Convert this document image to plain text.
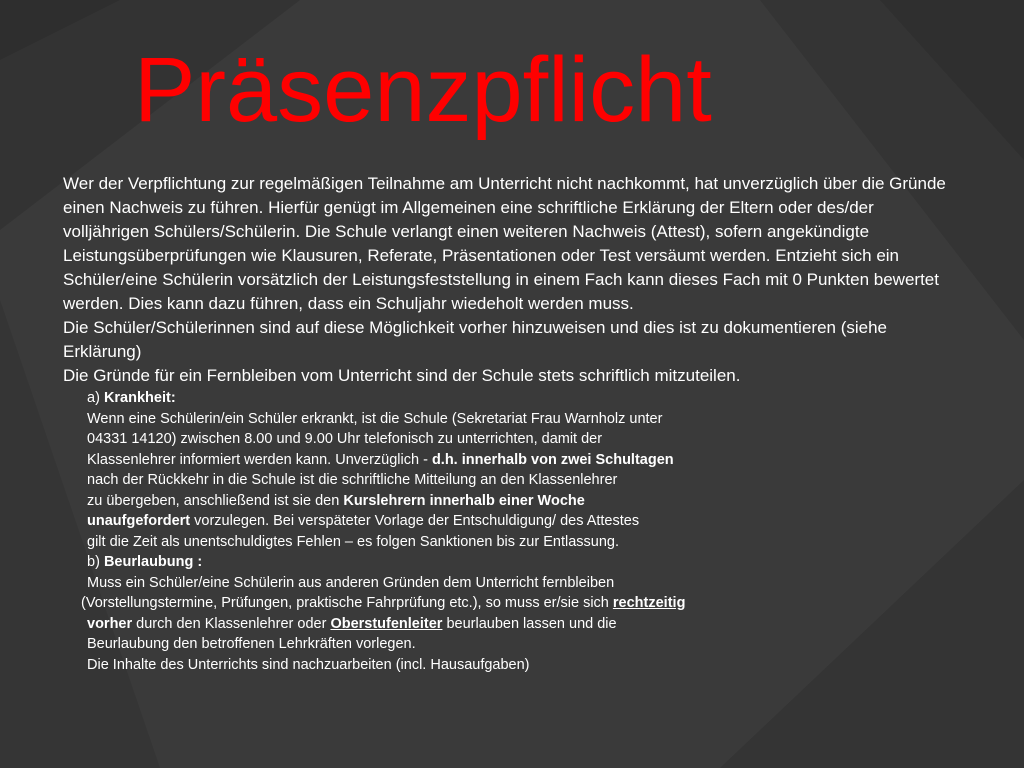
Präsenzpflicht

Wer der Verpflichtung zur regelmäßigen Teilnahme am Unterricht nicht nachkommt, hat unverzüglich über die Gründe einen Nachweis zu führen. Hierfür genügt im Allgemeinen eine schriftliche Erklärung der Eltern oder des/der volljährigen Schülers/Schülerin. Die Schule verlangt einen weiteren Nachweis (Attest), sofern angekündigte Leistungsüberprüfungen wie Klausuren, Referate, Präsentationen oder Test versäumt werden. Entzieht sich ein Schüler/eine Schülerin vorsätzlich der Leistungsfeststellung in einem Fach kann dieses Fach mit 0 Punkten bewertet werden. Dies kann dazu führen, dass ein Schuljahr wiedeholt werden muss.

Die Schüler/Schülerinnen sind auf diese Möglichkeit vorher hinzuweisen und dies ist zu dokumentieren (siehe Erklärung)

Die Gründe für ein Fernbleiben vom Unterricht sind der Schule stets schriftlich mitzuteilen.

a) Krankheit:

Wenn eine Schülerin/ein Schüler erkrankt, ist die Schule (Sekretariat Frau Warnholz unter

04331 14120) zwischen 8.00 und 9.00 Uhr telefonisch zu unterrichten, damit der

Klassenlehrer informiert werden kann. Unverzüglich - d.h. innerhalb von zwei Schultagen

nach der Rückkehr in die Schule ist die schriftliche Mitteilung an den Klassenlehrer

zu übergeben, anschließend ist sie den Kurslehrern innerhalb einer Woche

unaufgefordert vorzulegen. Bei verspäteter Vorlage der Entschuldigung/ des Attestes

gilt die Zeit als unentschuldigtes Fehlen – es folgen Sanktionen bis zur Entlassung.

b) Beurlaubung :

Muss ein Schüler/eine Schülerin aus anderen Gründen dem Unterricht fernbleiben

(Vorstellungstermine, Prüfungen, praktische Fahrprüfung etc.), so muss er/sie sich rechtzeitig

vorher durch den Klassenlehrer oder Oberstufenleiter beurlauben lassen und die

Beurlaubung den betroffenen Lehrkräften vorlegen.

Die Inhalte des Unterrichts sind nachzuarbeiten (incl. Hausaufgaben)
